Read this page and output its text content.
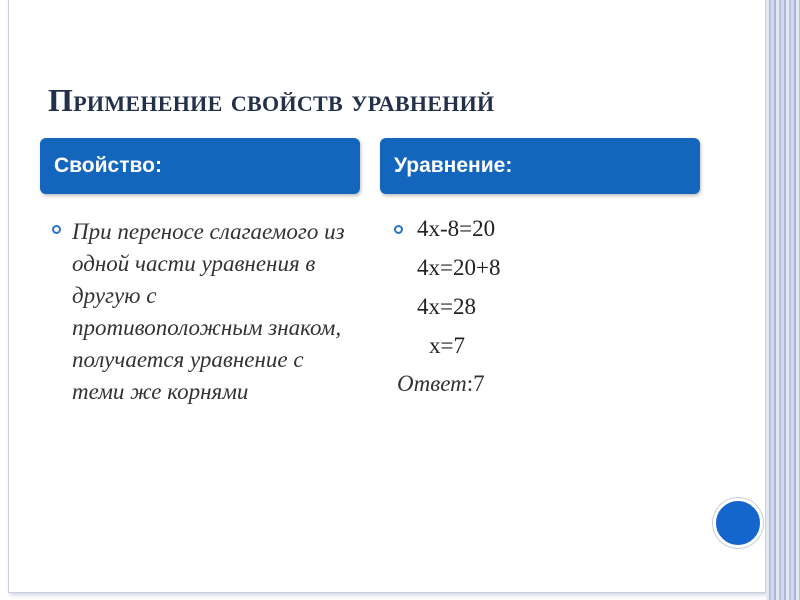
Применение свойств уравнений
Свойство:	Уравнение:

При переносе слагаемого из одной части уравнения в другую с противоположным знаком, получается уравнение с теми же корнями

4x-8=20
4x=20+8
4x=28
x=7
Ответ:7
